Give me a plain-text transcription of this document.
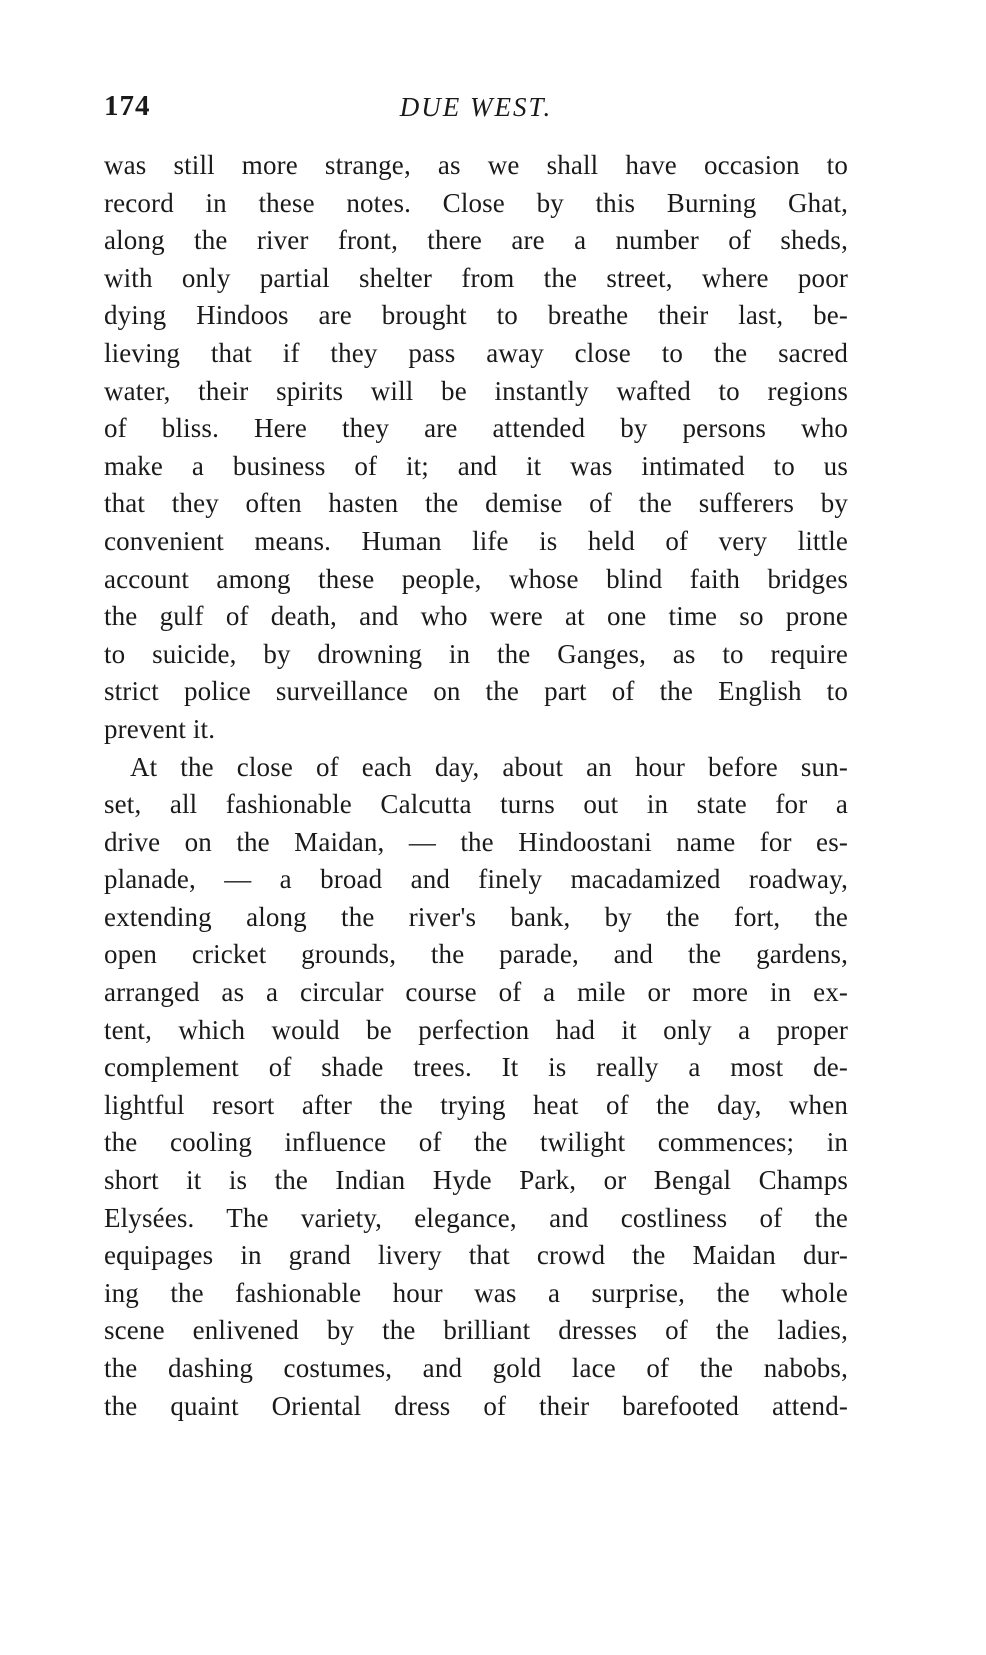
174	DUE WEST.
was still more strange, as we shall have occasion to
record in these notes. Close by this Burning Ghat,
along the river front, there are a number of sheds,
with only partial shelter from the street, where poor
dying Hindoos are brought to breathe their last, be-
lieving that if they pass away close to the sacred
water, their spirits will be instantly wafted to regions
of bliss. Here they are attended by persons who
make a business of it; and it was intimated to us
that they often hasten the demise of the sufferers by
convenient means. Human life is held of very little
account among these people, whose blind faith bridges
the gulf of death, and who were at one time so prone
to suicide, by drowning in the Ganges, as to require
strict police surveillance on the part of the English to
prevent it.
At the close of each day, about an hour before sun-
set, all fashionable Calcutta turns out in state for a
drive on the Maidan, — the Hindoostani name for es-
planade, — a broad and finely macadamized roadway,
extending along the river's bank, by the fort, the
open cricket grounds, the parade, and the gardens,
arranged as a circular course of a mile or more in ex-
tent, which would be perfection had it only a proper
complement of shade trees. It is really a most de-
lightful resort after the trying heat of the day, when
the cooling influence of the twilight commences; in
short it is the Indian Hyde Park, or Bengal Champs
Elysées. The variety, elegance, and costliness of the
equipages in grand livery that crowd the Maidan dur-
ing the fashionable hour was a surprise, the whole
scene enlivened by the brilliant dresses of the ladies,
the dashing costumes, and gold lace of the nabobs,
the quaint Oriental dress of their barefooted attend-
